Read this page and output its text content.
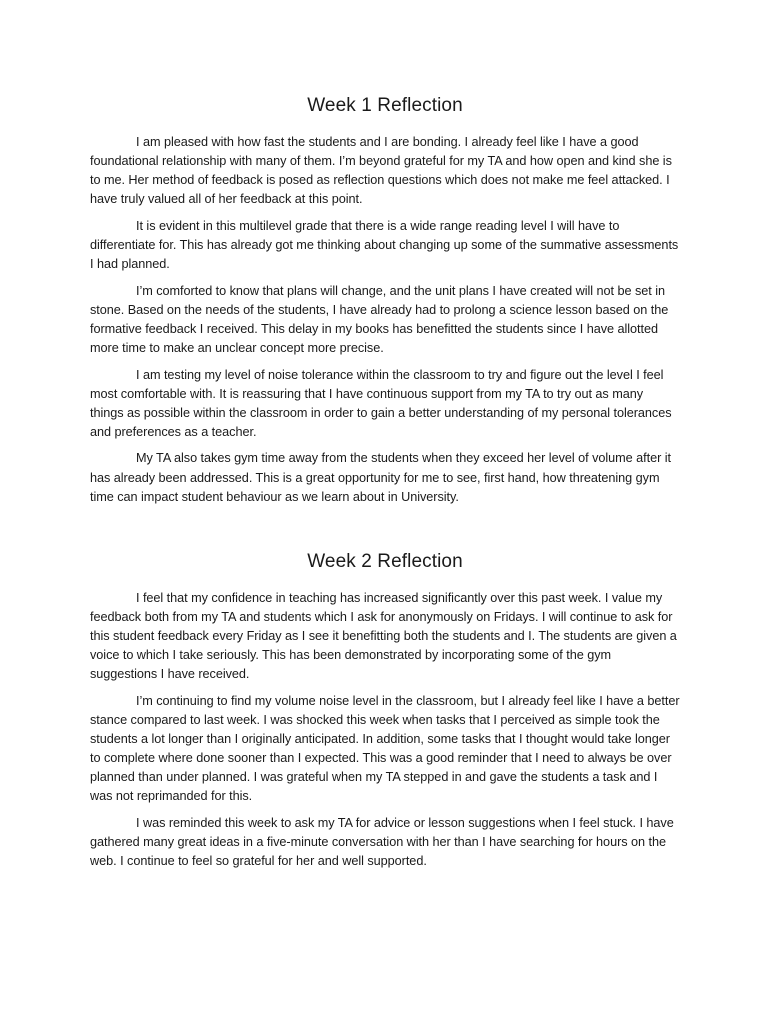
Week 1 Reflection

I am pleased with how fast the students and I are bonding. I already feel like I have a good foundational relationship with many of them. I’m beyond grateful for my TA and how open and kind she is to me. Her method of feedback is posed as reflection questions which does not make me feel attacked. I have truly valued all of her feedback at this point.

It is evident in this multilevel grade that there is a wide range reading level I will have to differentiate for. This has already got me thinking about changing up some of the summative assessments I had planned.

I’m comforted to know that plans will change, and the unit plans I have created will not be set in stone. Based on the needs of the students, I have already had to prolong a science lesson based on the formative feedback I received. This delay in my books has benefitted the students since I have allotted more time to make an unclear concept more precise.

I am testing my level of noise tolerance within the classroom to try and figure out the level I feel most comfortable with. It is reassuring that I have continuous support from my TA to try out as many things as possible within the classroom in order to gain a better understanding of my personal tolerances and preferences as a teacher.

My TA also takes gym time away from the students when they exceed her level of volume after it has already been addressed. This is a great opportunity for me to see, first hand, how threatening gym time can impact student behaviour as we learn about in University.

Week 2 Reflection

I feel that my confidence in teaching has increased significantly over this past week. I value my feedback both from my TA and students which I ask for anonymously on Fridays. I will continue to ask for this student feedback every Friday as I see it benefitting both the students and I. The students are given a voice to which I take seriously. This has been demonstrated by incorporating some of the gym suggestions I have received.

I’m continuing to find my volume noise level in the classroom, but I already feel like I have a better stance compared to last week. I was shocked this week when tasks that I perceived as simple took the students a lot longer than I originally anticipated. In addition, some tasks that I thought would take longer to complete where done sooner than I expected. This was a good reminder that I need to always be over planned than under planned. I was grateful when my TA stepped in and gave the students a task and I was not reprimanded for this.

I was reminded this week to ask my TA for advice or lesson suggestions when I feel stuck. I have gathered many great ideas in a five-minute conversation with her than I have searching for hours on the web. I continue to feel so grateful for her and well supported.
